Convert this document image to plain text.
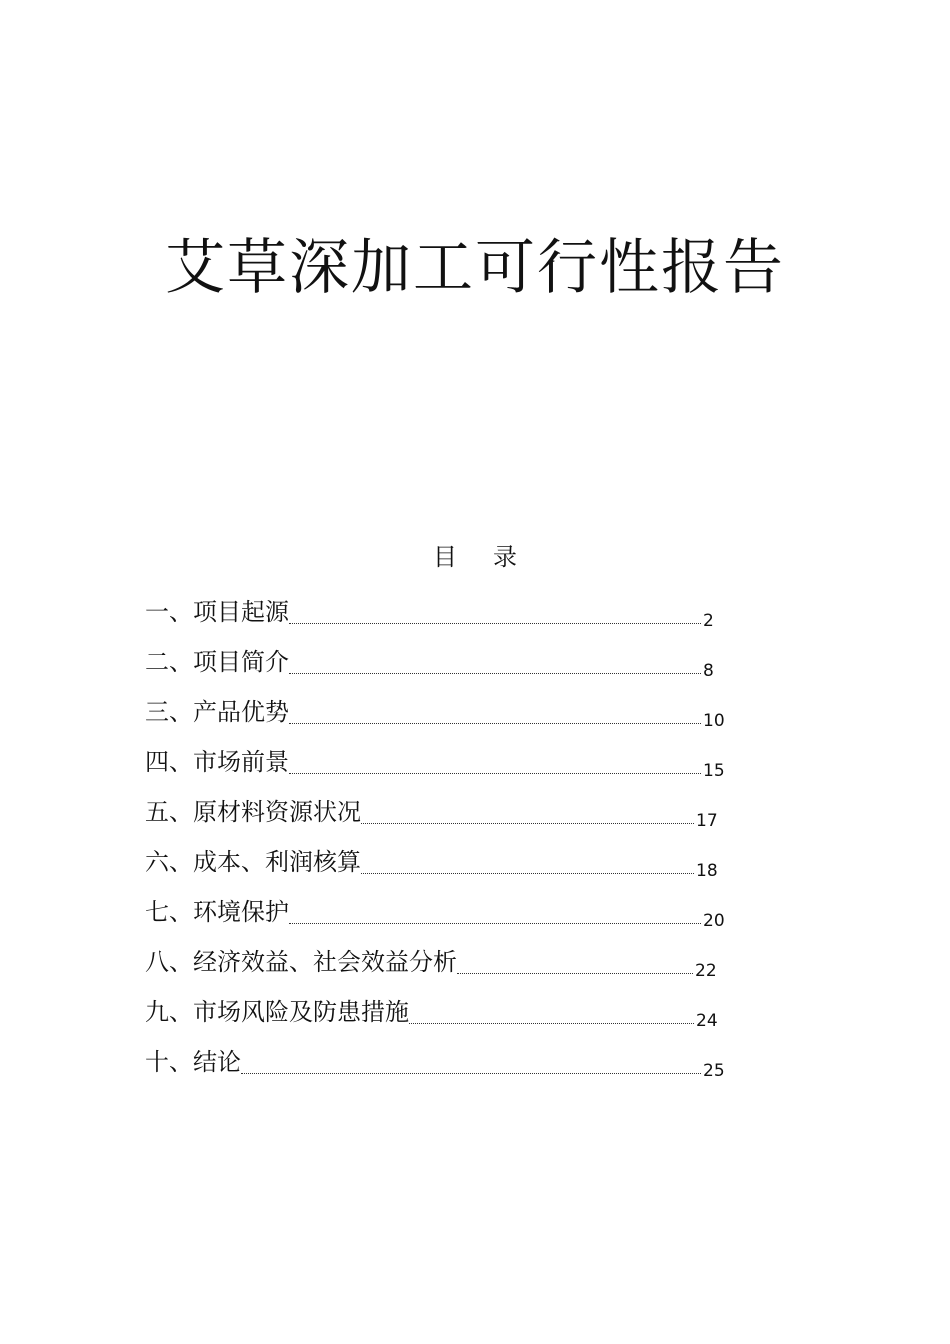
艾草深加工可行性报告
目 录
一、项目起源	2
二、项目简介	8
三、产品优势	10
四、市场前景	15
五、原材料资源状况	17
六、成本、利润核算	18
七、环境保护	20
八、经济效益、社会效益分析	22
九、市场风险及防患措施	24
十、结论	25
